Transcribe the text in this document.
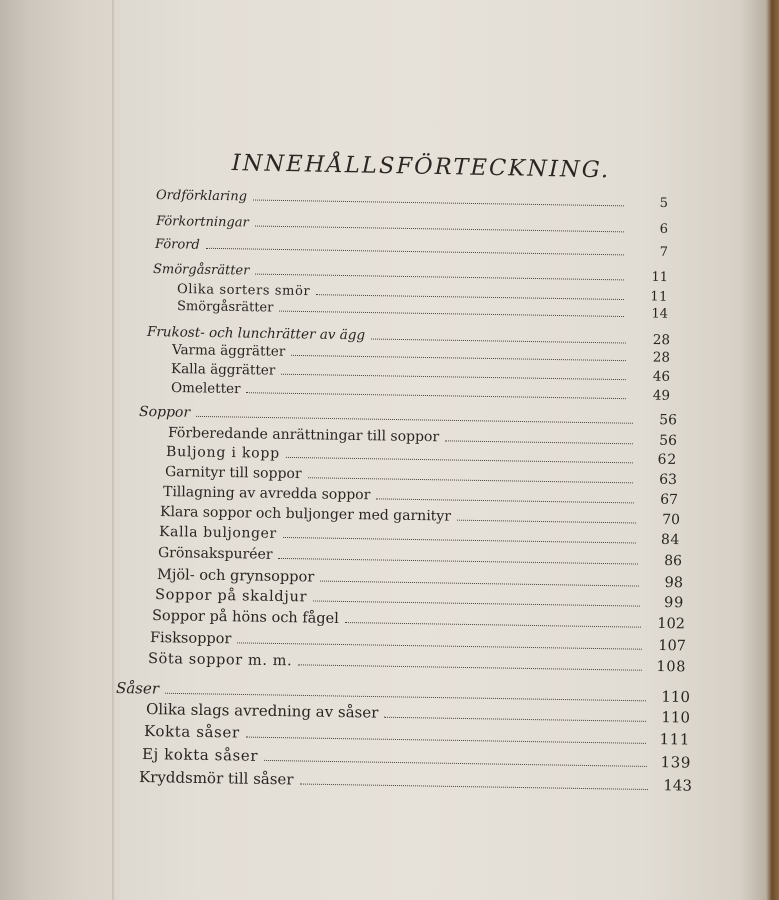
INNEHÅLLSFÖRTECKNING.
Ordförklaring	5
Förkortningar	6
Förord	7
Smörgåsrätter	11
Olika sorters smör	11
Smörgåsrätter	14
Frukost- och lunchrätter av ägg	28
Varma äggrätter	28
Kalla äggrätter	46
Omeletter	49
Soppor	56
Förberedande anrättningar till soppor	56
Buljong i kopp	62
Garnityr till soppor	63
Tillagning av avredda soppor	67
Klara soppor och buljonger med garnityr	70
Kalla buljonger	84
Grönsakspuréer	86
Mjöl- och grynsoppor	98
Soppor på skaldjur	99
Soppor på höns och fågel	102
Fisksoppor	107
Söta soppor m. m.	108
Såser	110
Olika slags avredning av såser	110
Kokta såser	111
Ej kokta såser	139
Kryddsmör till såser	143
